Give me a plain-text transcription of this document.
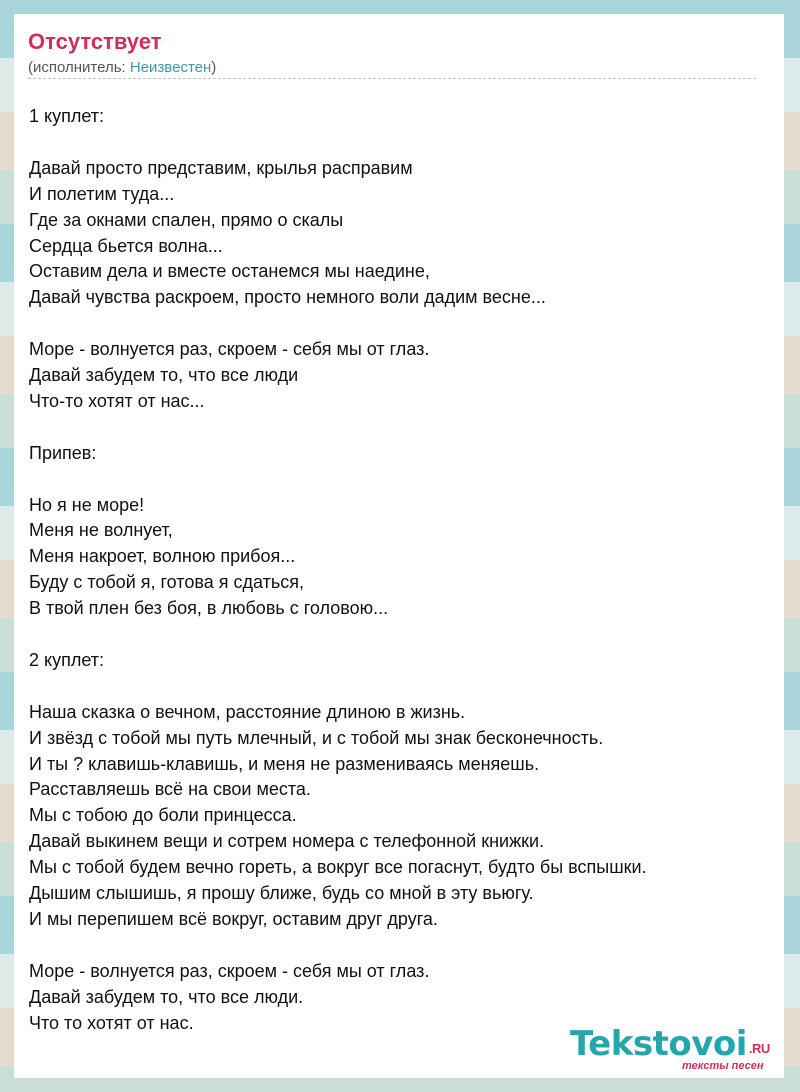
Отсутствует

(исполнитель: Неизвестен)

1 куплет:
Давай просто представим, крылья расправим
И полетим туда...
Где за окнами спален, прямо о скалы
Сердца бьется волна...
Оставим дела и вместе останемся мы наедине,
Давай чувства раскроем, просто немного воли дадим весне...
Море - волнуется раз, скроем - себя мы от глаз.
Давай забудем то, что все люди
Что-то хотят от нас...
Припев:
Но я не море!
Меня не волнует,
Меня накроет, волною прибоя...
Буду с тобой я, готова я сдаться,
В твой плен без боя, в любовь с головою...
2 куплет:
Наша сказка о вечном, расстояние длиною в жизнь.
И звёзд с тобой мы путь млечный, и с тобой мы знак бесконечность.
И ты ? клавишь-клавишь, и меня не размениваясь меняешь.
Расставляешь всё на свои места.
Мы с тобою до боли принцесса.
Давай выкинем вещи и сотрем номера с телефонной книжки.
Мы с тобой будем вечно гореть, а вокруг все погаснут, будто бы вспышки.
Дышим слышишь, я прошу ближе, будь со мной в эту вьюгу.
И мы перепишем всё вокруг, оставим друг друга.
Море - волнуется раз, скроем - себя мы от глаз.
Давай забудем то, что все люди.
Что то хотят от нас.
Tekstovoi .RU
тексты песен
